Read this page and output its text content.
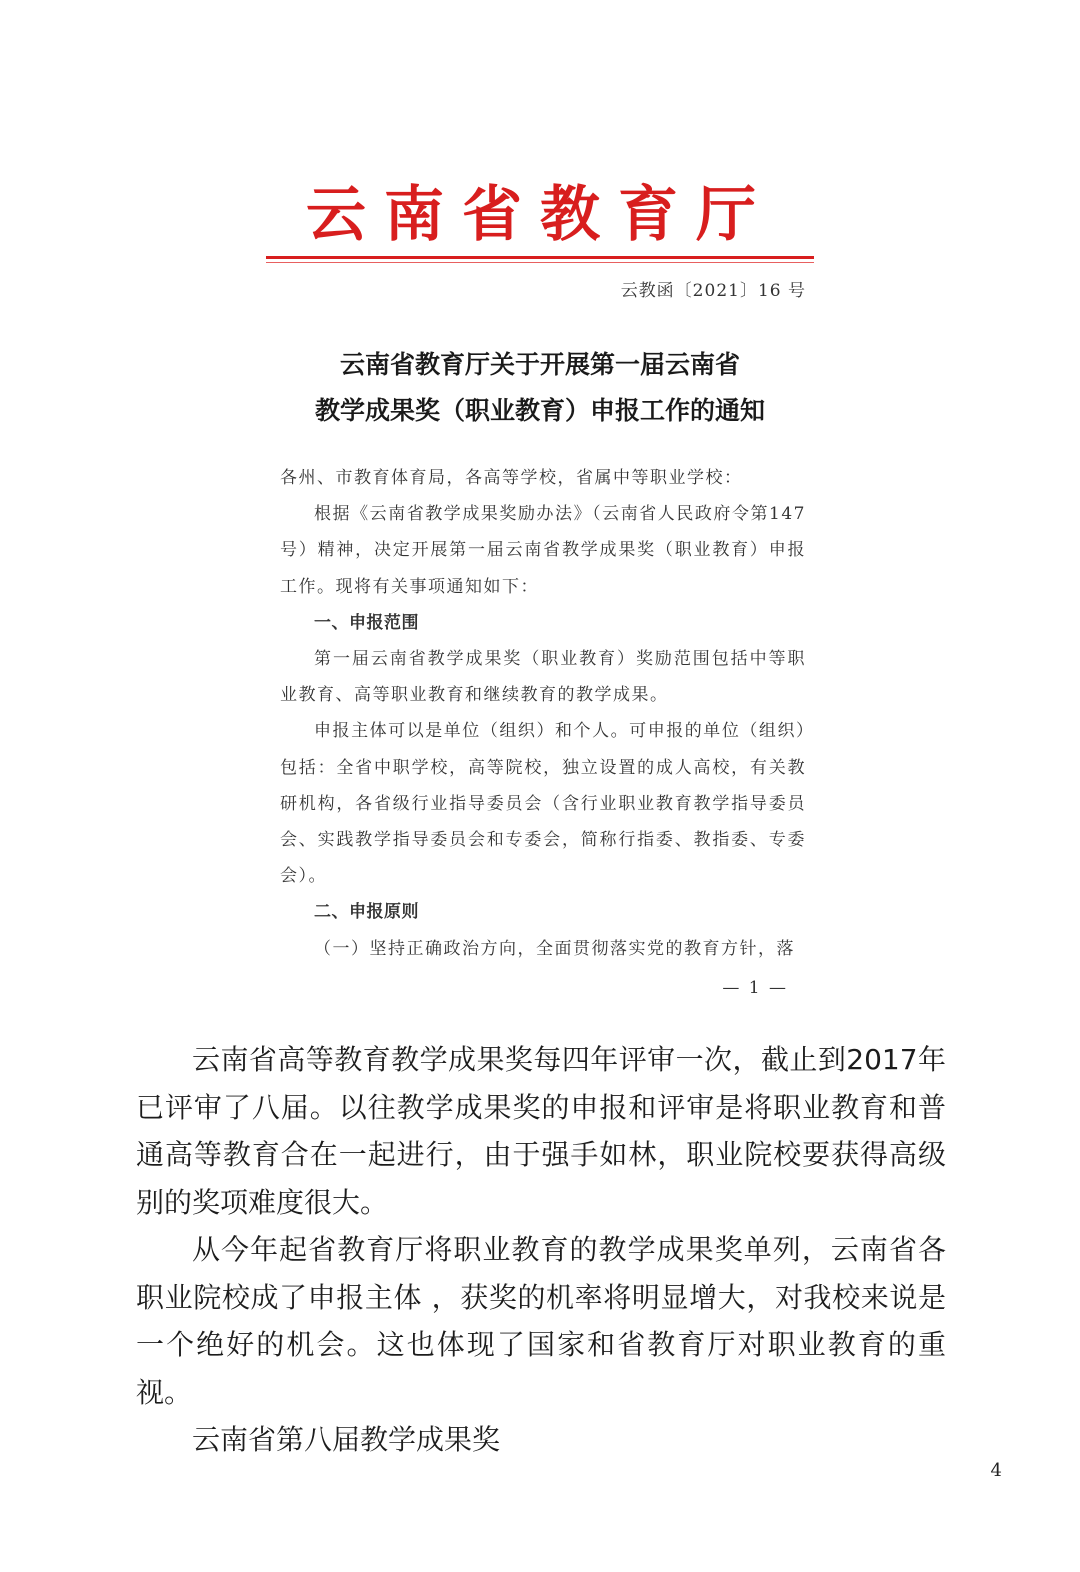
云南省教育厅
云教函〔2021〕16 号
云南省教育厅关于开展第一届云南省
教学成果奖（职业教育）申报工作的通知

各州、市教育体育局，各高等学校，省属中等职业学校：

根据《云南省教学成果奖励办法》（云南省人民政府令第147号）精神，决定开展第一届云南省教学成果奖（职业教育）申报工作。现将有关事项通知如下：

一、申报范围

第一届云南省教学成果奖（职业教育）奖励范围包括中等职业教育、高等职业教育和继续教育的教学成果。

申报主体可以是单位（组织）和个人。可申报的单位（组织）包括：全省中职学校，高等院校，独立设置的成人高校，有关教研机构，各省级行业指导委员会（含行业职业教育教学指导委员会、实践教学指导委员会和专委会，简称行指委、教指委、专委会）。

二、申报原则

（一）坚持正确政治方向，全面贯彻落实党的教育方针，落

— 1 —

云南省高等教育教学成果奖每四年评审一次，截止到2017年已评审了八届。以往教学成果奖的申报和评审是将职业教育和普通高等教育合在一起进行，由于强手如林，职业院校要获得高级别的奖项难度很大。

从今年起省教育厅将职业教育的教学成果奖单列，云南省各职业院校成了申报主体 ，获奖的机率将明显增大，对我校来说是一个绝好的机会。这也体现了国家和省教育厅对职业教育的重视。

云南省第八届教学成果奖

4
